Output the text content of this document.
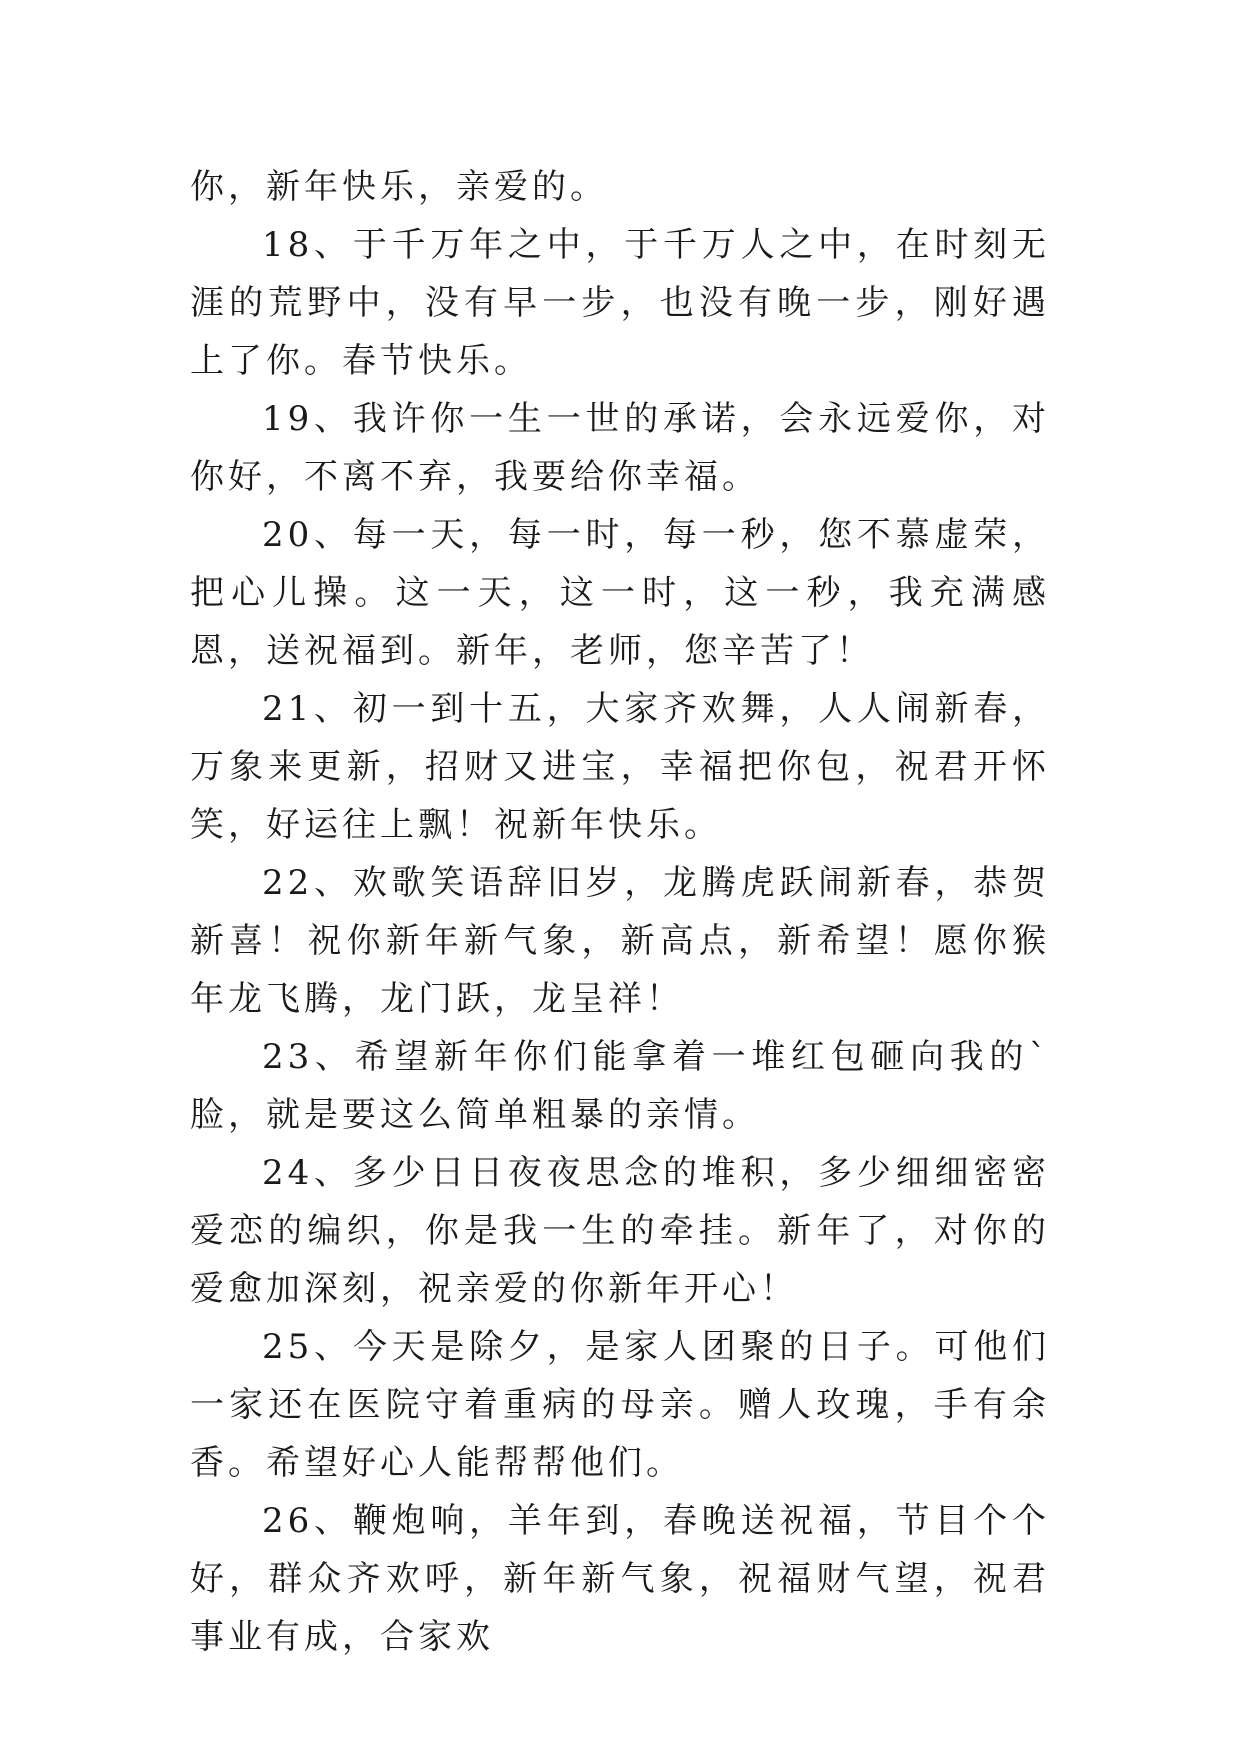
你，新年快乐，亲爱的。

18、于千万年之中，于千万人之中，在时刻无涯的荒野中，没有早一步，也没有晚一步，刚好遇上了你。春节快乐。

19、我许你一生一世的承诺，会永远爱你，对你好，不离不弃，我要给你幸福。

20、每一天，每一时，每一秒，您不慕虚荣，把心儿操。这一天，这一时，这一秒，我充满感恩，送祝福到。新年，老师，您辛苦了！

21、初一到十五，大家齐欢舞，人人闹新春，万象来更新，招财又进宝，幸福把你包，祝君开怀笑，好运往上飘！祝新年快乐。

22、欢歌笑语辞旧岁，龙腾虎跃闹新春，恭贺新喜！祝你新年新气象，新高点，新希望！愿你猴年龙飞腾，龙门跃，龙呈祥！

23、希望新年你们能拿着一堆红包砸向我的`脸，就是要这么简单粗暴的亲情。

24、多少日日夜夜思念的堆积，多少细细密密爱恋的编织，你是我一生的牵挂。新年了，对你的爱愈加深刻，祝亲爱的你新年开心！

25、今天是除夕，是家人团聚的日子。可他们一家还在医院守着重病的母亲。赠人玫瑰，手有余香。希望好心人能帮帮他们。

26、鞭炮响，羊年到，春晚送祝福，节目个个好，群众齐欢呼，新年新气象，祝福财气望，祝君事业有成，合家欢
